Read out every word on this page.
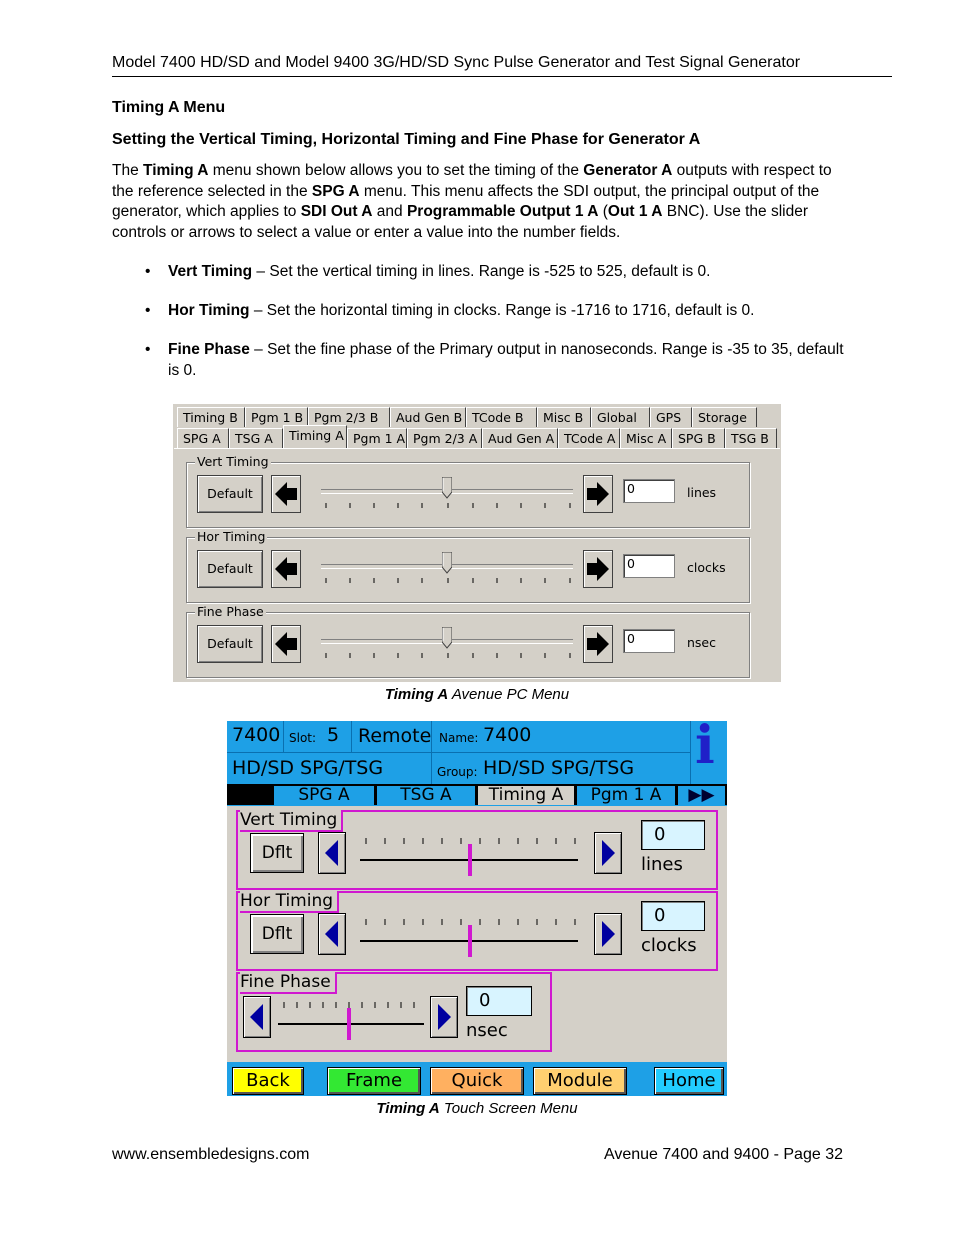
Model 7400 HD/SD and Model 9400 3G/HD/SD Sync Pulse Generator and Test Signal Generator
Timing A Menu
Setting the Vertical Timing, Horizontal Timing and Fine Phase for Generator A
The Timing A menu shown below allows you to set the timing of the Generator A outputs with respect to the reference selected in the SPG A menu. This menu affects the SDI output, the principal output of the generator, which applies to SDI Out A and Programmable Output 1 A (Out 1 A BNC). Use the slider controls or arrows to select a value or enter a value into the number fields.
• Vert Timing – Set the vertical timing in lines. Range is -525 to 525, default is 0.
• Hor Timing – Set the horizontal timing in clocks. Range is -1716 to 1716, default is 0.
• Fine Phase – Set the fine phase of the Primary output in nanoseconds. Range is -35 to 35, default is 0.
Timing B	Pgm 1 B Pgm 2/3 B	Aud Gen B TCode B	Misc B	Global	GPS	Storage
SPG A	TSG A	Timing A Pgm 1 A Pgm 2/3 A Aud Gen A TCode A Misc A SPG B	TSG B
Vert Timing
Default	0	lines
Hor Timing
Default	0	clocks
Fine Phase
Default	0	nsec
Timing A Avenue PC Menu
7400 Slot: 5 Remote Name: 7400
HD/SD SPG/TSG	Group: HD/SD SPG/TSG i
SPG A	TSG A	Timing A	Pgm 1 A	▶▶
Vert Timing
Dflt
0
lines
Hor Timing
Dflt
0
clocks
Fine Phase
0
nsec
Back	Frame	Quick	Module	Home
Timing A Touch Screen Menu
www.ensembledesigns.com	Avenue 7400 and 9400 - Page 32
